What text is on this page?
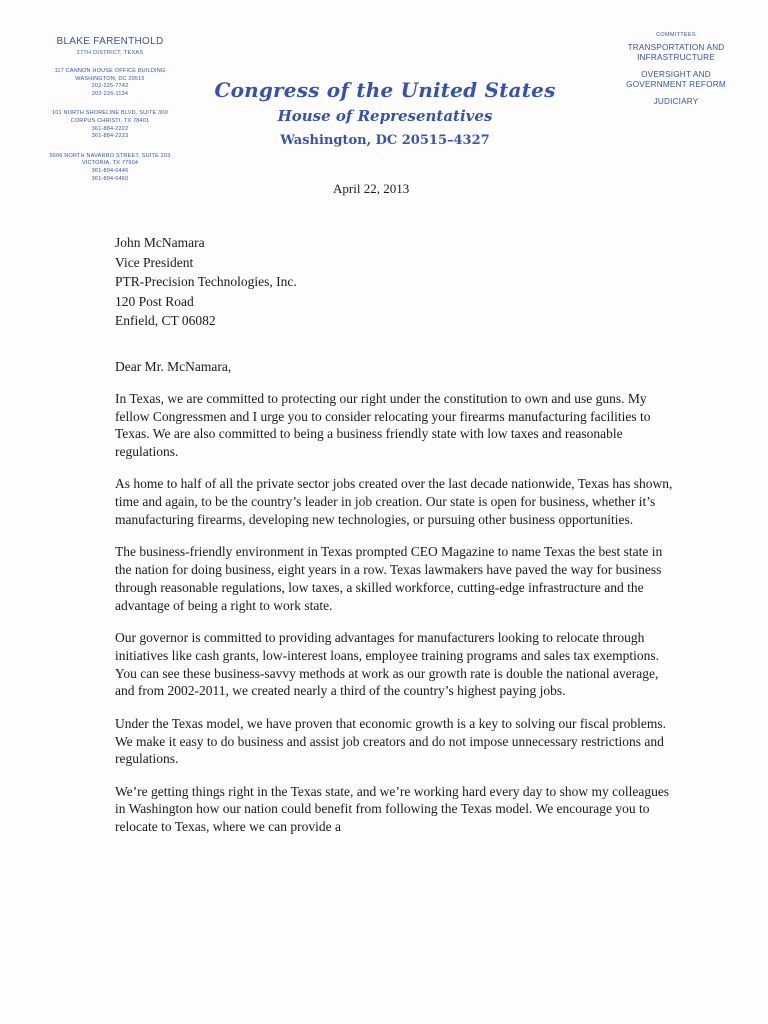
BLAKE FARENTHOLD
27TH DISTRICT, TEXAS
117 CANNON HOUSE OFFICE BUILDING
WASHINGTON, DC 20515
202-225-7742
202-226-1134
101 NORTH SHORELINE BLVD, SUITE 300
CORPUS CHRISTI, TX 78401
361-884-2222
361-884-2223
5606 NORTH NAVARRO STREET, SUITE 203
VICTORIA, TX 77904
361-894-6446
361-894-6460
Congress of the United States
House of Representatives
Washington, DC 20515–4327
COMMITTEES
TRANSPORTATION AND INFRASTRUCTURE
OVERSIGHT AND GOVERNMENT REFORM
JUDICIARY
April 22, 2013
John McNamara
Vice President
PTR-Precision Technologies, Inc.
120 Post Road
Enfield, CT 06082

Dear Mr. McNamara,

In Texas, we are committed to protecting our right under the constitution to own and use guns. My fellow Congressmen and I urge you to consider relocating your firearms manufacturing facilities to Texas. We are also committed to being a business friendly state with low taxes and reasonable regulations.

As home to half of all the private sector jobs created over the last decade nationwide, Texas has shown, time and again, to be the country’s leader in job creation. Our state is open for business, whether it’s manufacturing firearms, developing new technologies, or pursuing other business opportunities.

The business-friendly environment in Texas prompted CEO Magazine to name Texas the best state in the nation for doing business, eight years in a row. Texas lawmakers have paved the way for business through reasonable regulations, low taxes, a skilled workforce, cutting-edge infrastructure and the advantage of being a right to work state.

Our governor is committed to providing advantages for manufacturers looking to relocate through initiatives like cash grants, low-interest loans, employee training programs and sales tax exemptions. You can see these business-savvy methods at work as our growth rate is double the national average, and from 2002-2011, we created nearly a third of the country’s highest paying jobs.

Under the Texas model, we have proven that economic growth is a key to solving our fiscal problems. We make it easy to do business and assist job creators and do not impose unnecessary restrictions and regulations.

We’re getting things right in the Texas state, and we’re working hard every day to show my colleagues in Washington how our nation could benefit from following the Texas model. We encourage you to relocate to Texas, where we can provide a
